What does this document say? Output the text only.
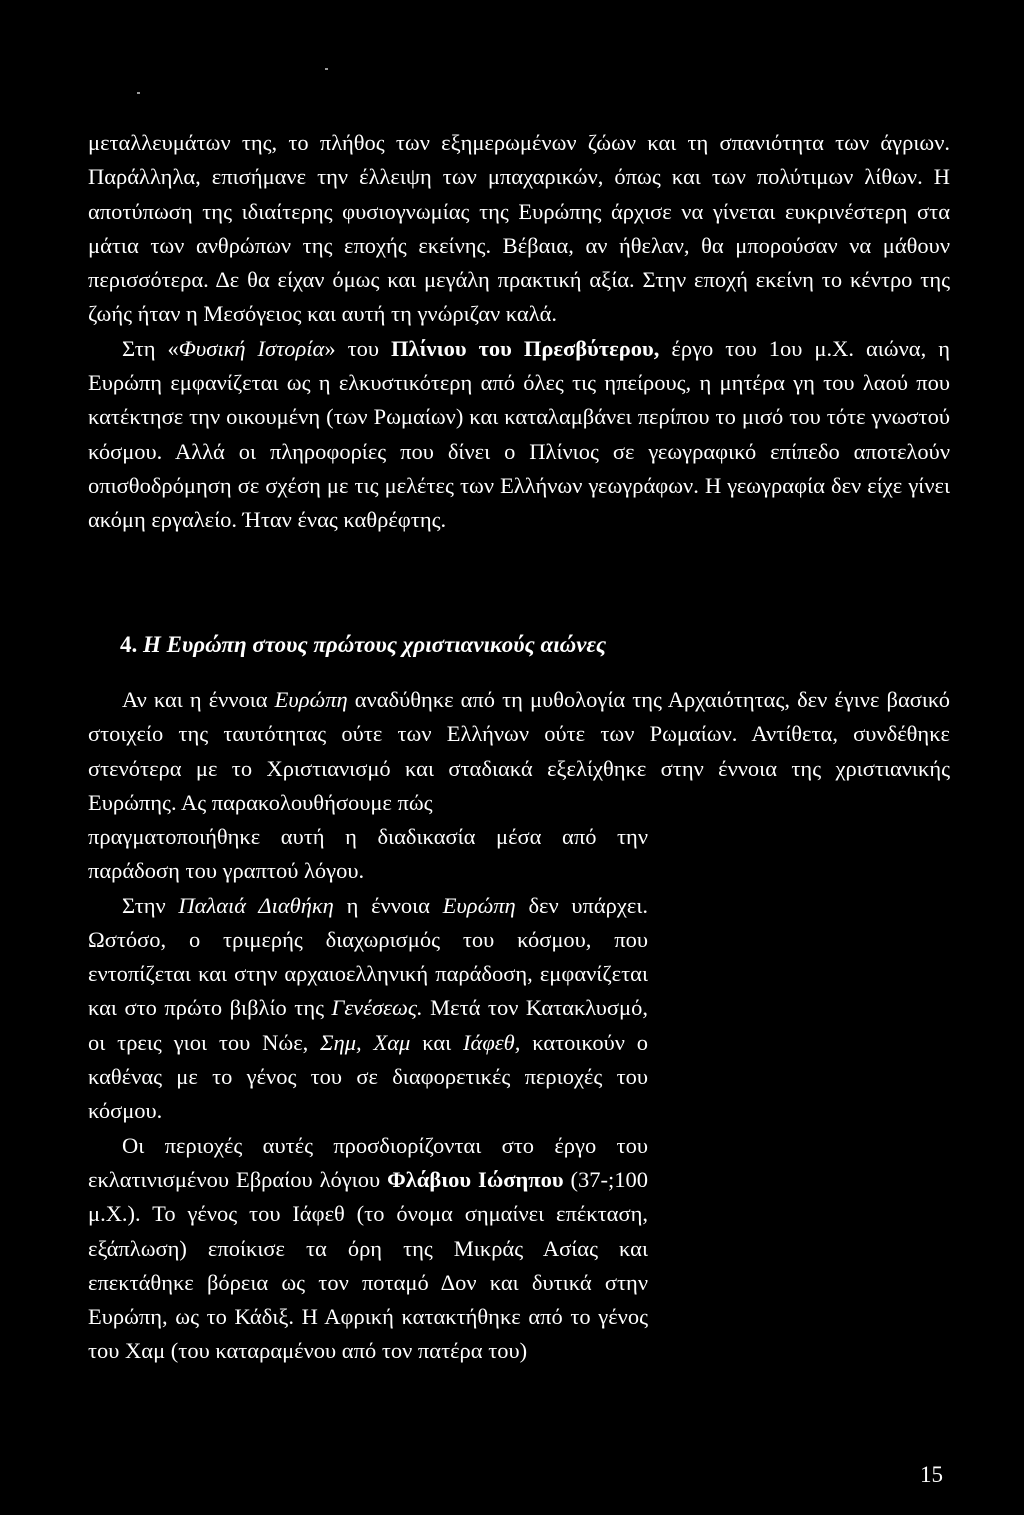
μεταλλευμάτων της, το πλήθος των εξημερωμένων ζώων και τη σπανιότητα των άγριων. Παράλληλα, επισήμανε την έλλειψη των μπαχαρικών, όπως και των πολύτιμων λίθων. Η αποτύπωση της ιδιαίτερης φυσιογνωμίας της Ευρώπης άρχισε να γίνεται ευκρινέστερη στα μάτια των ανθρώπων της εποχής εκείνης. Βέβαια, αν ήθελαν, θα μπορούσαν να μάθουν περισσότερα. Δε θα είχαν όμως και μεγάλη πρακτική αξία. Στην εποχή εκείνη το κέντρο της ζωής ήταν η Μεσόγειος και αυτή τη γνώριζαν καλά.

Στη «Φυσική Ιστορία» του Πλίνιου του Πρεσβύτερου, έργο του 1ου μ.Χ. αιώνα, η Ευρώπη εμφανίζεται ως η ελκυστικότερη από όλες τις ηπείρους, η μητέρα γη του λαού που κατέκτησε την οικουμένη (των Ρωμαίων) και καταλαμβάνει περίπου το μισό του τότε γνωστού κόσμου. Αλλά οι πληροφορίες που δίνει ο Πλίνιος σε γεωγραφικό επίπεδο αποτελούν οπισθοδρόμηση σε σχέση με τις μελέτες των Ελλήνων γεωγράφων. Η γεωγραφία δεν είχε γίνει ακόμη εργαλείο. Ήταν ένας καθρέφτης.

4. Η Ευρώπη στους πρώτους χριστιανικούς αιώνες

Αν και η έννοια Ευρώπη αναδύθηκε από τη μυθολογία της Αρχαιότητας, δεν έγινε βασικό στοιχείο της ταυτότητας ούτε των Ελλήνων ούτε των Ρωμαίων. Αντίθετα, συνδέθηκε στενότερα με το Χριστιανισμό και σταδιακά εξελίχθηκε στην έννοια της χριστιανικής Ευρώπης. Ας παρακολουθήσουμε πώς

πραγματοποιήθηκε αυτή η διαδικασία μέσα από την παράδοση του γραπτού λόγου.

Στην Παλαιά Διαθήκη η έννοια Ευρώπη δεν υπάρχει. Ωστόσο, ο τριμερής διαχωρισμός του κόσμου, που εντοπίζεται και στην αρχαιοελληνική παράδοση, εμφανίζεται και στο πρώτο βιβλίο της Γενέσεως. Μετά τον Κατακλυσμό, οι τρεις γιοι του Νώε, Σημ, Χαμ και Ιάφεθ, κατοικούν ο καθένας με το γένος του σε διαφορετικές περιοχές του κόσμου.

Οι περιοχές αυτές προσδιορίζονται στο έργο του εκλατινισμένου Εβραίου λόγιου Φλάβιου Ιώσηπου (37-;100 μ.Χ.). Το γένος του Ιάφεθ (το όνομα σημαίνει επέκταση, εξάπλωση) εποίκισε τα όρη της Μικράς Ασίας και επεκτάθηκε βόρεια ως τον ποταμό Δον και δυτικά στην Ευρώπη, ως το Κάδιξ. Η Αφρική κατακτήθηκε από το γένος του Χαμ (του καταραμένου από τον πατέρα του)

15
